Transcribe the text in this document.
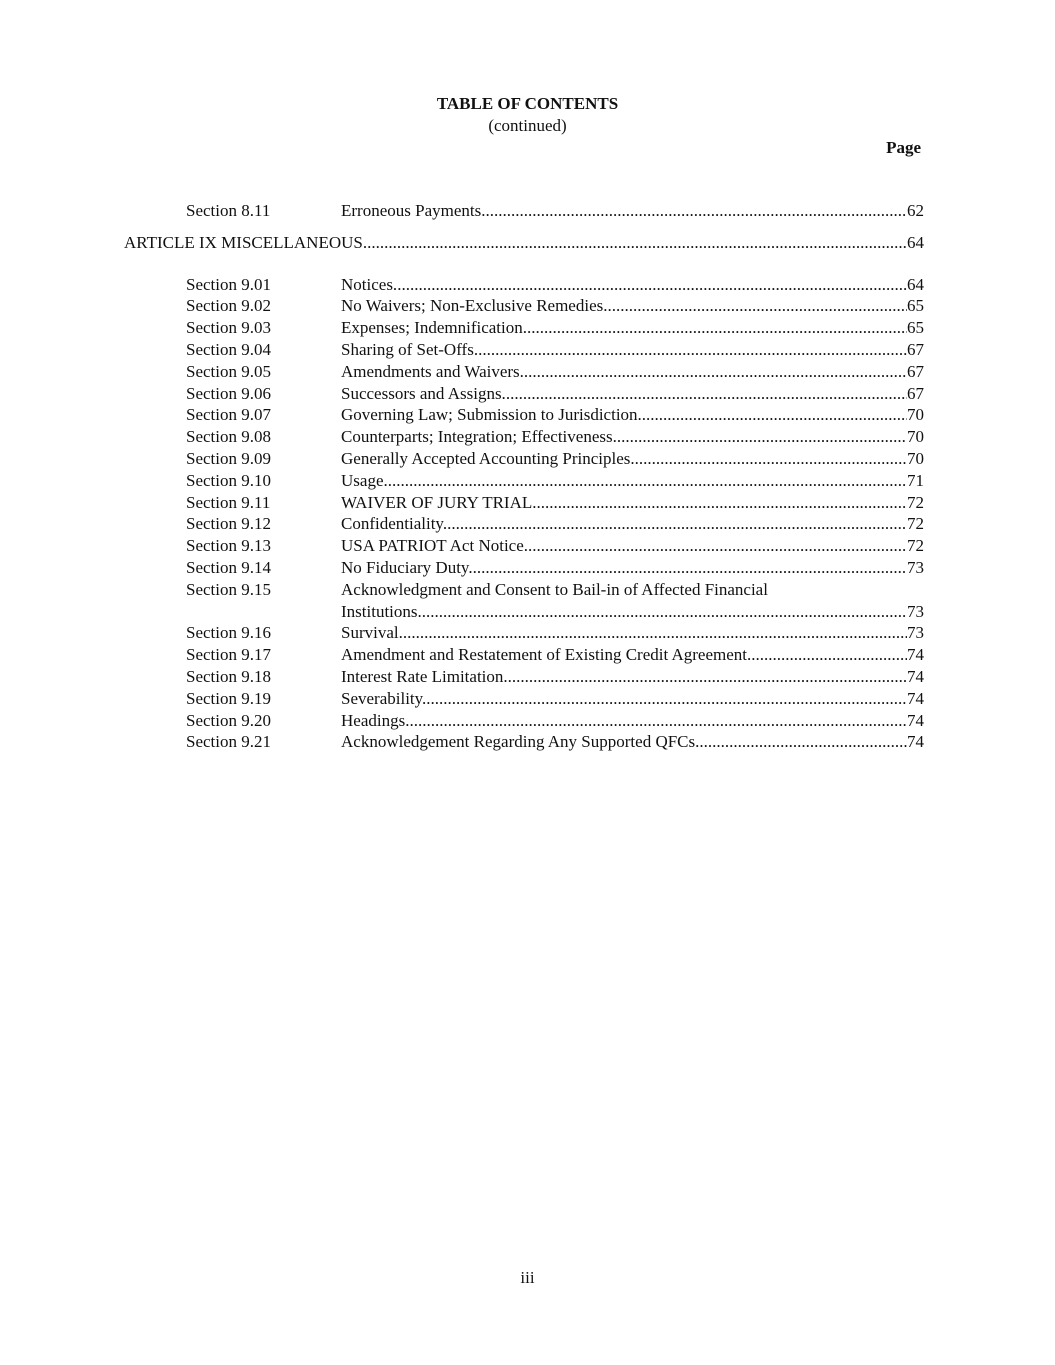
TABLE OF CONTENTS
(continued)
Page
Section 8.11	Erroneous Payments. .....	62
ARTICLE IX MISCELLANEOUS .....	64
Section 9.01	Notices. .....	64
Section 9.02	No Waivers; Non-Exclusive Remedies. .....	65
Section 9.03	Expenses; Indemnification. .....	65
Section 9.04	Sharing of Set-Offs. .....	67
Section 9.05	Amendments and Waivers. .....	67
Section 9.06	Successors and Assigns. .....	67
Section 9.07	Governing Law; Submission to Jurisdiction. .....	70
Section 9.08	Counterparts; Integration; Effectiveness. .....	70
Section 9.09	Generally Accepted Accounting Principles. .....	70
Section 9.10	Usage. .....	71
Section 9.11	WAIVER OF JURY TRIAL. .....	72
Section 9.12	Confidentiality. .....	72
Section 9.13	USA PATRIOT Act Notice. .....	72
Section 9.14	No Fiduciary Duty. .....	73
Section 9.15	Acknowledgment and Consent to Bail-in of Affected Financial
Institutions. .....	73
Section 9.16	Survival. .....	73
Section 9.17	Amendment and Restatement of Existing Credit Agreement. .....	74
Section 9.18	Interest Rate Limitation. .....	74
Section 9.19	Severability. .....	74
Section 9.20	Headings. .....	74
Section 9.21	Acknowledgement Regarding Any Supported QFCs. .....	74
iii
